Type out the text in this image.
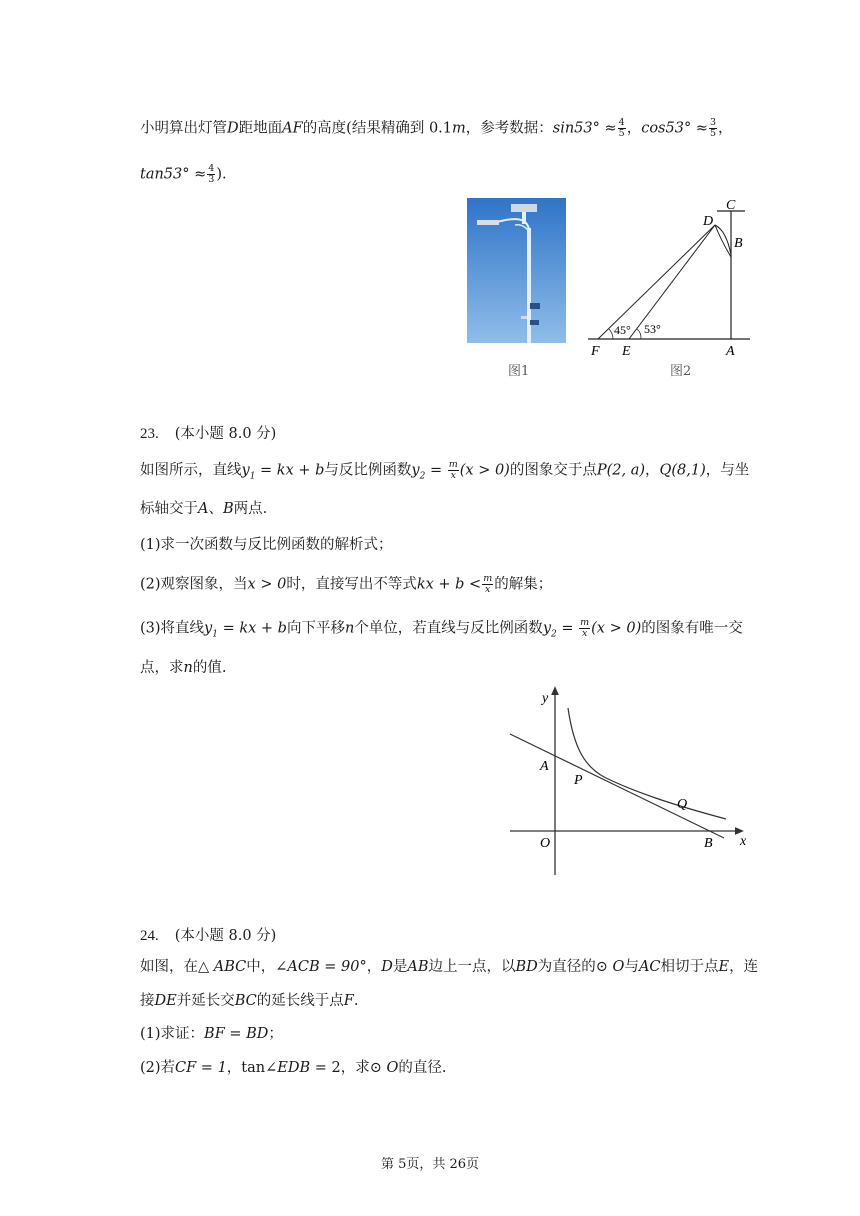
小明算出灯管D距地面AF的高度(结果精确到 0.1m，参考数据：$\sin 53^\circ \approx \frac{4}{5}$ ，$\cos 53^\circ \approx \frac{3}{5}$ ，
$\tan 53^\circ \approx \frac{4}{3}$ ).
图1
D
C
B
F E	A
45° 53°
图2
23. (本小题 8.0 分)
如图所示，直线$y_1$ = kx + b与反比例函数$y_2 = \frac{m}{x} (x > 0)$的图象交于点P(2, a)，Q(8,1)，与坐
标轴交于A、B两点.
(1)求一次函数与反比例函数的解析式；
(2)观察图象，当x > 0时，直接写出不等式kx + $b < \frac{m}{x}$ 的解集；
(3)将直线$y_1$ = kx + b向下平移n个单位，若直线与反比例函数$y_2 = \frac{m}{x} (x > 0)$的图象有唯一交
点，求n的值.
y
x
A
P
Q
O	B
24. (本小题 8.0 分)
如图，在△ ABC中，∠ACB = 90°，D是AB边上一点，以BD为直径的⊙ O与AC相切于点E，连
接DE并延长交BC的延长线于点F.
(1)求证：BF = BD；
(2)若CF = 1，tan∠EDB = 2，求⊙ O的直径.
第 5页，共 26页
